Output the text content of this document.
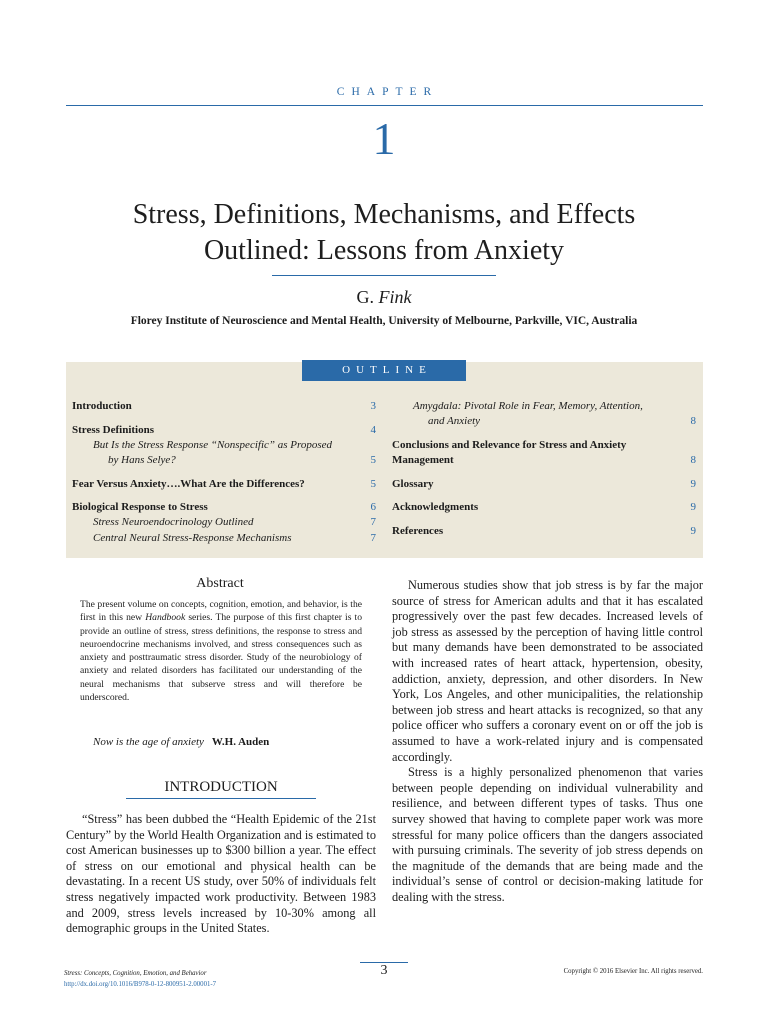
CHAPTER
1
Stress, Definitions, Mechanisms, and Effects
Outlined: Lessons from Anxiety
G. Fink
Florey Institute of Neuroscience and Mental Health, University of Melbourne, Parkville, VIC, Australia
OUTLINE
Introduction	3
Stress Definitions	4
But Is the Stress Response “Nonspecific” as Proposed
by Hans Selye?	5
Fear Versus Anxiety….What Are the Differences?	5
Biological Response to Stress	6
Stress Neuroendocrinology Outlined	7
Central Neural Stress-Response Mechanisms	7
Amygdala: Pivotal Role in Fear, Memory, Attention,
and Anxiety	8
Conclusions and Relevance for Stress and Anxiety
Management	8
Glossary	9
Acknowledgments	9
References	9
Abstract
The present volume on concepts, cognition, emotion, and behavior, is the first in this new Handbook series. The purpose of this first chapter is to provide an outline of stress, stress definitions, the response to stress and neuroendocrine mechanisms involved, and stress consequences such as anxiety and posttraumatic stress disorder. Study of the neurobiology of anxiety and related disorders has facilitated our understanding of the neural mechanisms that subserve stress and will therefore be underscored.
Now is the age of anxiety W.H. Auden
INTRODUCTION

“Stress” has been dubbed the “Health Epidemic of the 21st Century” by the World Health Organization and is estimated to cost American businesses up to $300 billion a year. The effect of stress on our emotional and physical health can be devastating. In a recent US study, over 50% of individuals felt stress negatively impacted work productivity. Between 1983 and 2009, stress levels increased by 10-30% among all demographic groups in the United States.

Numerous studies show that job stress is by far the major source of stress for American adults and that it has escalated progressively over the past few decades. Increased levels of job stress as assessed by the perception of having little control but many demands have been demonstrated to be associated with increased rates of heart attack, hypertension, obesity, addiction, anxiety, depression, and other disorders. In New York, Los Angeles, and other municipalities, the relationship between job stress and heart attacks is recognized, so that any police officer who suffers a coronary event on or off the job is assumed to have a work-related injury and is compensated accordingly.

Stress is a highly personalized phenomenon that varies between people depending on individual vulnerability and resilience, and between different types of tasks. Thus one survey showed that having to complete paper work was more stressful for many police officers than the dangers associated with pursuing criminals. The severity of job stress depends on the magnitude of the demands that are being made and the individual’s sense of control or decision-making latitude for dealing with the stress.

3
Stress: Concepts, Cognition, Emotion, and Behavior
http://dx.doi.org/10.1016/B978-0-12-800951-2.00001-7
Copyright © 2016 Elsevier Inc. All rights reserved.
